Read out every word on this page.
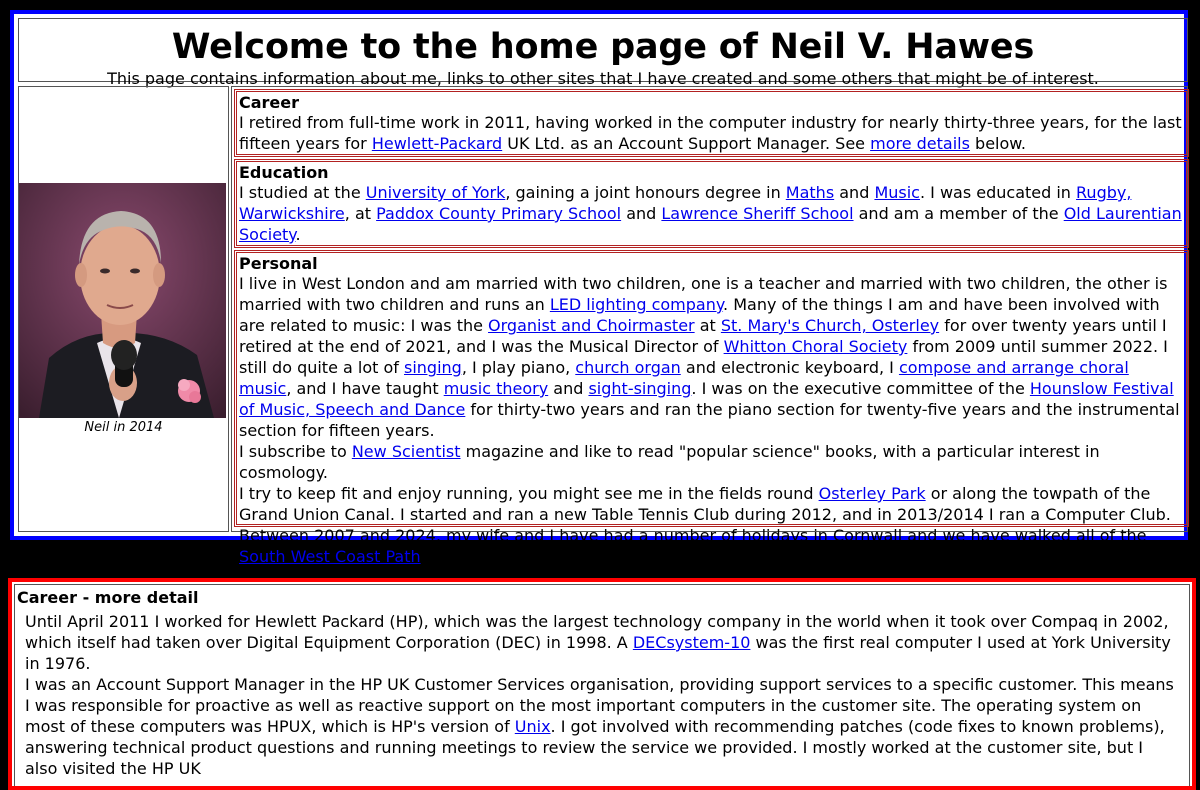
Welcome to the home page of Neil V. Hawes
This page contains information about me, links to other sites that I have created and some others that might be of interest.
Neil in 2014
Career

I retired from full-time work in 2011, having worked in the computer industry for nearly thirty-three years, for the last fifteen years for Hewlett-Packard UK Ltd. as an Account Support Manager. See more details below.

Education

I studied at the University of York, gaining a joint honours degree in Maths and Music. I was educated in Rugby, Warwickshire, at Paddox County Primary School and Lawrence Sheriff School and am a member of the Old Laurentian Society.

Personal

I live in West London and am married with two children, one is a teacher and married with two children, the other is married with two children and runs an LED lighting company. Many of the things I am and have been involved with are related to music: I was the Organist and Choirmaster at St. Mary's Church, Osterley for over twenty years until I retired at the end of 2021, and I was the Musical Director of Whitton Choral Society from 2009 until summer 2022. I still do quite a lot of singing, I play piano, church organ and electronic keyboard, I compose and arrange choral music, and I have taught music theory and sight-singing. I was on the executive committee of the Hounslow Festival of Music, Speech and Dance for thirty-two years and ran the piano section for twenty-five years and the instrumental section for fifteen years.

I subscribe to New Scientist magazine and like to read "popular science" books, with a particular interest in cosmology.

I try to keep fit and enjoy running, you might see me in the fields round Osterley Park or along the towpath of the Grand Union Canal. I started and ran a new Table Tennis Club during 2012, and in 2013/2014 I ran a Computer Club.

Between 2007 and 2024, my wife and I have had a number of holidays in Cornwall and we have walked all of the South West Coast Path in Cornwall, a total of around 300 miles.

Career - more detail

Until April 2011 I worked for Hewlett Packard (HP), which was the largest technology company in the world when it took over Compaq in 2002, which itself had taken over Digital Equipment Corporation (DEC) in 1998. A DECsystem-10 was the first real computer I used at York University in 1976.

I was an Account Support Manager in the HP UK Customer Services organisation, providing support services to a specific customer. This means I was responsible for proactive as well as reactive support on the most important computers in the customer site. The operating system on most of these computers was HPUX, which is HP's version of Unix. I got involved with recommending patches (code fixes to known problems), answering technical product questions and running meetings to review the service we provided. I mostly worked at the customer site, but I also visited the HP UK
